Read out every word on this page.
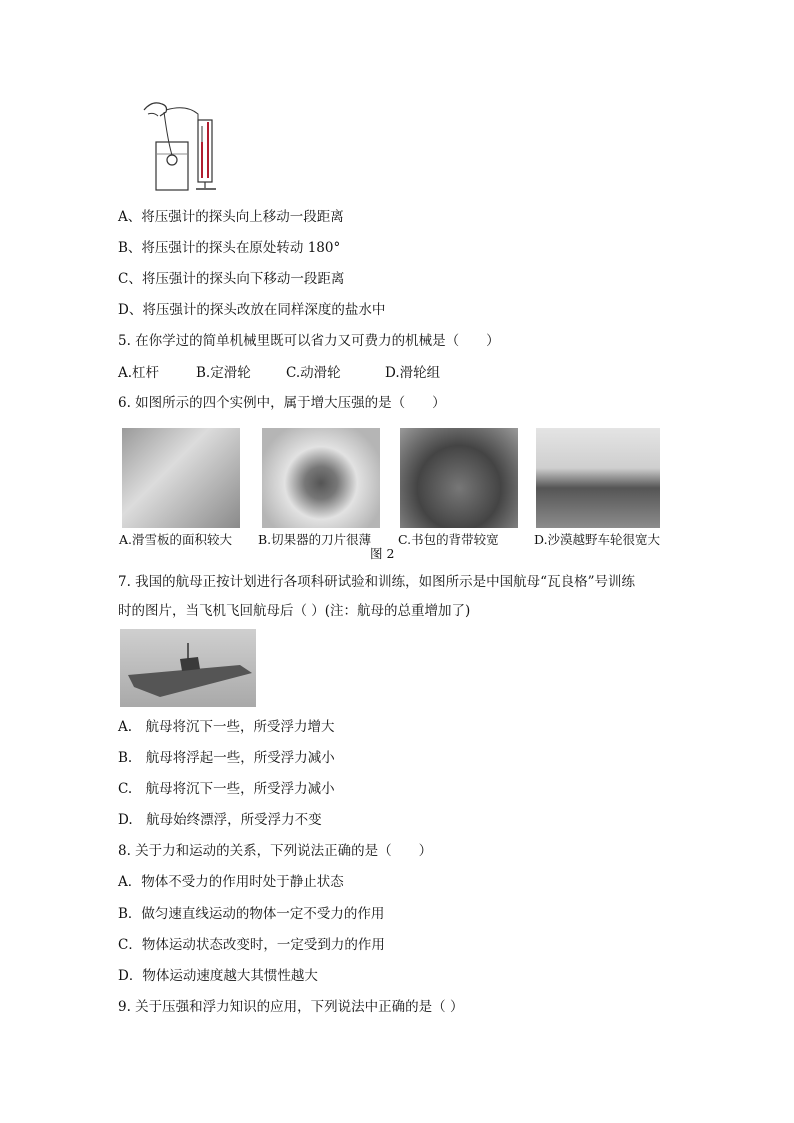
A、将压强计的探头向上移动一段距离
B、将压强计的探头在原处转动 180°
C、将压强计的探头向下移动一段距离
D、将压强计的探头改放在同样深度的盐水中
5. 在你学过的简单机械里既可以省力又可费力的机械是（　　）
A.杠杆	B.定滑轮	C.动滑轮	D.滑轮组
6. 如图所示的四个实例中，属于增大压强的是（　　）
A.滑雪板的面积较大 B.切果器的刀片很薄 C.书包的背带较宽	D.沙漠越野车轮很宽大
图 2
7. 我国的航母正按计划进行各项科研试验和训练，如图所示是中国航母“瓦良格”号训练
时的图片，当飞机飞回航母后（ ）(注：航母的总重增加了)
A.　航母将沉下一些，所受浮力增大
B.　航母将浮起一些，所受浮力减小
C.　航母将沉下一些，所受浮力减小
D.　航母始终漂浮，所受浮力不变
8. 关于力和运动的关系，下列说法正确的是（　　）
A．物体不受力的作用时处于静止状态
B．做匀速直线运动的物体一定不受力的作用
C．物体运动状态改变时，一定受到力的作用
D．物体运动速度越大其惯性越大
9. 关于压强和浮力知识的应用，下列说法中正确的是（ ）
